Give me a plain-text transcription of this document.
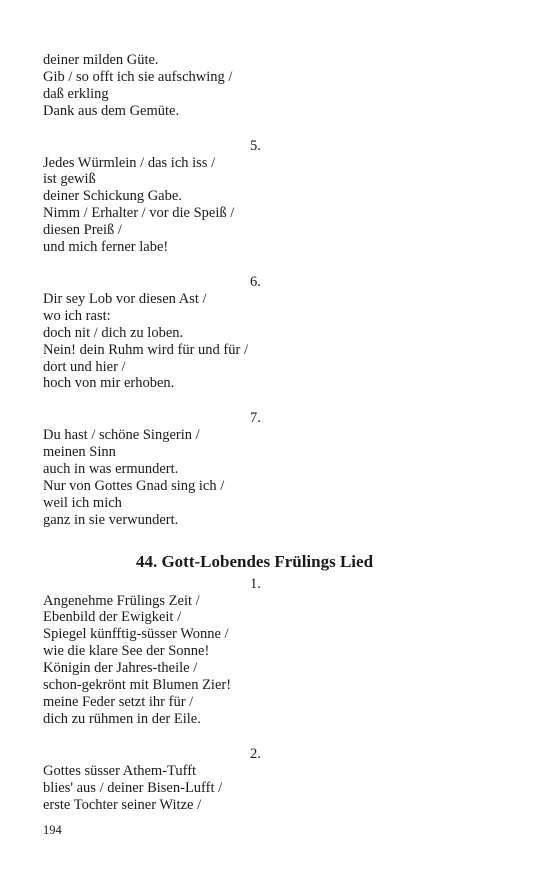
deiner milden Güte.
Gib / so offt ich sie aufschwing /
daß erkling
Dank aus dem Gemüte.
5.
Jedes Würmlein / das ich iss /
ist gewiß
deiner Schickung Gabe.
Nimm / Erhalter / vor die Speiß /
diesen Preiß /
und mich ferner labe!
6.
Dir sey Lob vor diesen Ast /
wo ich rast:
doch nit / dich zu loben.
Nein! dein Ruhm wird für und für /
dort und hier /
hoch von mir erhoben.
7.
Du hast / schöne Singerin /
meinen Sinn
auch in was ermundert.
Nur von Gottes Gnad sing ich /
weil ich mich
ganz in sie verwundert.
44. Gott-Lobendes Frülings Lied
1.
Angenehme Frülings Zeit /
Ebenbild der Ewigkeit /
Spiegel künfftig-süsser Wonne /
wie die klare See der Sonne!
Königin der Jahres-theile /
schon-gekrönt mit Blumen Zier!
meine Feder setzt ihr für /
dich zu rühmen in der Eile.
2.
Gottes süsser Athem-Tufft
blies' aus / deiner Bisen-Lufft /
erste Tochter seiner Witze /
194
